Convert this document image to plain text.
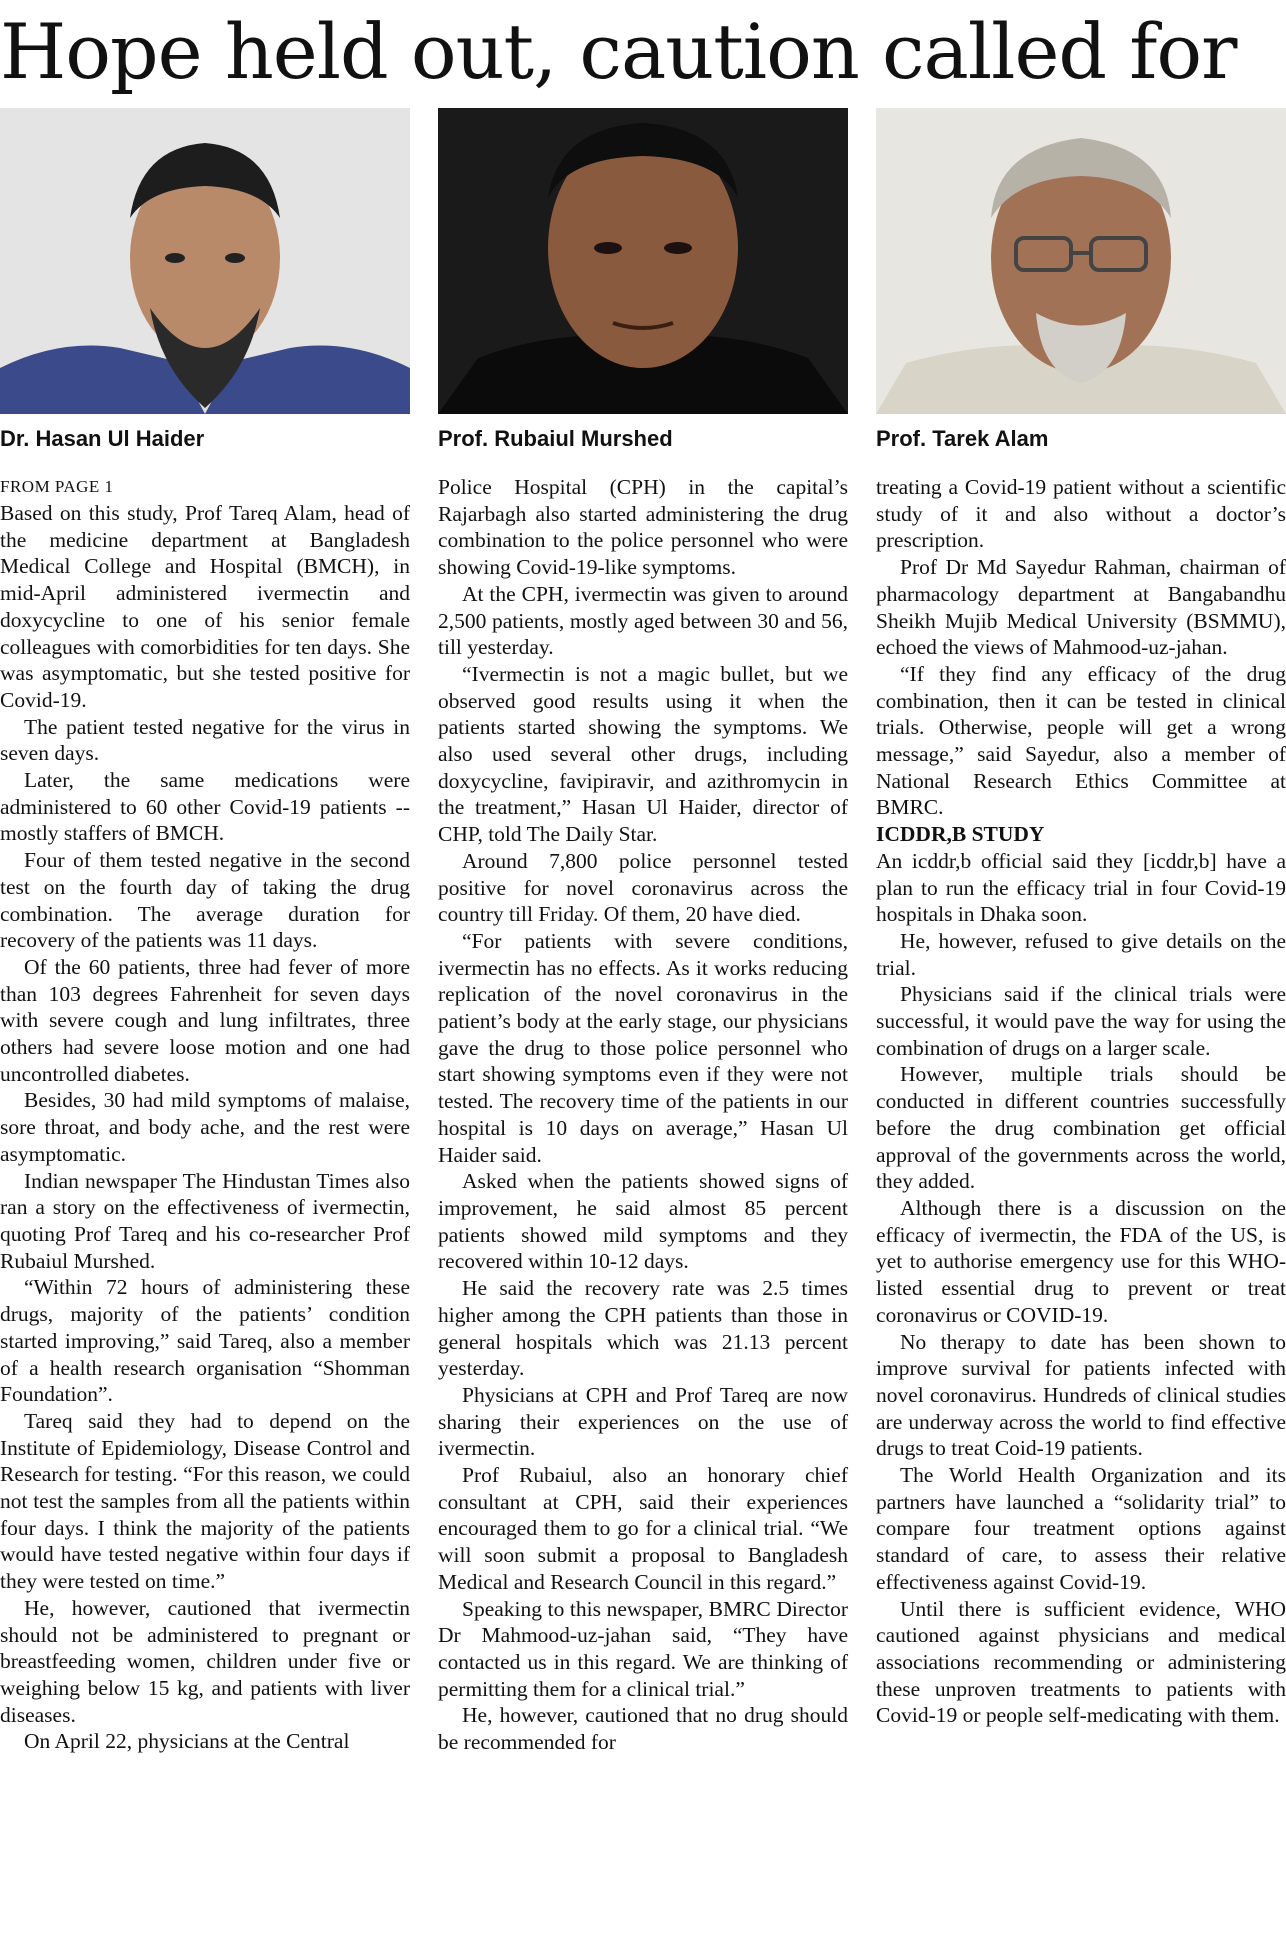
Hope held out, caution called for
Dr. Hasan Ul Haider

FROM PAGE 1

Based on this study, Prof Tareq Alam, head of the medicine department at Bangladesh Medical College and Hospital (BMCH), in mid-April administered ivermectin and doxycycline to one of his senior female colleagues with comorbidities for ten days. She was asymptomatic, but she tested positive for Covid-19.

The patient tested negative for the virus in seven days.

Later, the same medications were administered to 60 other Covid-19 patients -- mostly staffers of BMCH.

Four of them tested negative in the second test on the fourth day of taking the drug combination. The average duration for recovery of the patients was 11 days.

Of the 60 patients, three had fever of more than 103 degrees Fahrenheit for seven days with severe cough and lung infiltrates, three others had severe loose motion and one had uncontrolled diabetes.

Besides, 30 had mild symptoms of malaise, sore throat, and body ache, and the rest were asymptomatic.

Indian newspaper The Hindustan Times also ran a story on the effectiveness of ivermectin, quoting Prof Tareq and his co-researcher Prof Rubaiul Murshed.

“Within 72 hours of administering these drugs, majority of the patients’ condition started improving,” said Tareq, also a member of a health research organisation “Shomman Foundation”.

Tareq said they had to depend on the Institute of Epidemiology, Disease Control and Research for testing. “For this reason, we could not test the samples from all the patients within four days. I think the majority of the patients would have tested negative within four days if they were tested on time.”

He, however, cautioned that ivermectin should not be administered to pregnant or breastfeeding women, children under five or weighing below 15 kg, and patients with liver diseases.

On April 22, physicians at the Central

Prof. Rubaiul Murshed

Police Hospital (CPH) in the capital’s Rajarbagh also started administering the drug combination to the police personnel who were showing Covid-19-like symptoms.

At the CPH, ivermectin was given to around 2,500 patients, mostly aged between 30 and 56, till yesterday.

“Ivermectin is not a magic bullet, but we observed good results using it when the patients started showing the symptoms. We also used several other drugs, including doxycycline, favipiravir, and azithromycin in the treatment,” Hasan Ul Haider, director of CHP, told The Daily Star.

Around 7,800 police personnel tested positive for novel coronavirus across the country till Friday. Of them, 20 have died.

“For patients with severe conditions, ivermectin has no effects. As it works reducing replication of the novel coronavirus in the patient’s body at the early stage, our physicians gave the drug to those police personnel who start showing symptoms even if they were not tested. The recovery time of the patients in our hospital is 10 days on average,” Hasan Ul Haider said.

Asked when the patients showed signs of improvement, he said almost 85 percent patients showed mild symptoms and they recovered within 10-12 days.

He said the recovery rate was 2.5 times higher among the CPH patients than those in general hospitals which was 21.13 percent yesterday.

Physicians at CPH and Prof Tareq are now sharing their experiences on the use of ivermectin.

Prof Rubaiul, also an honorary chief consultant at CPH, said their experiences encouraged them to go for a clinical trial. “We will soon submit a proposal to Bangladesh Medical and Research Council in this regard.”

Speaking to this newspaper, BMRC Director Dr Mahmood-uz-jahan said, “They have contacted us in this regard. We are thinking of permitting them for a clinical trial.”

He, however, cautioned that no drug should be recommended for

Prof. Tarek Alam

treating a Covid-19 patient without a scientific study of it and also without a doctor’s prescription.

Prof Dr Md Sayedur Rahman, chairman of pharmacology department at Bangabandhu Sheikh Mujib Medical University (BSMMU), echoed the views of Mahmood-uz-jahan.

“If they find any efficacy of the drug combination, then it can be tested in clinical trials. Otherwise, people will get a wrong message,” said Sayedur, also a member of National Research Ethics Committee at BMRC.

ICDDR,B STUDY

An icddr,b official said they [icddr,b] have a plan to run the efficacy trial in four Covid-19 hospitals in Dhaka soon.

He, however, refused to give details on the trial.

Physicians said if the clinical trials were successful, it would pave the way for using the combination of drugs on a larger scale.

However, multiple trials should be conducted in different countries successfully before the drug combination get official approval of the governments across the world, they added.

Although there is a discussion on the efficacy of ivermectin, the FDA of the US, is yet to authorise emergency use for this WHO-listed essential drug to prevent or treat coronavirus or COVID-19.

No therapy to date has been shown to improve survival for patients infected with novel coronavirus. Hundreds of clinical studies are underway across the world to find effective drugs to treat Coid-19 patients.

The World Health Organization and its partners have launched a “solidarity trial” to compare four treatment options against standard of care, to assess their relative effectiveness against Covid-19.

Until there is sufficient evidence, WHO cautioned against physicians and medical associations recommending or administering these unproven treatments to patients with Covid-19 or people self-medicating with them.
